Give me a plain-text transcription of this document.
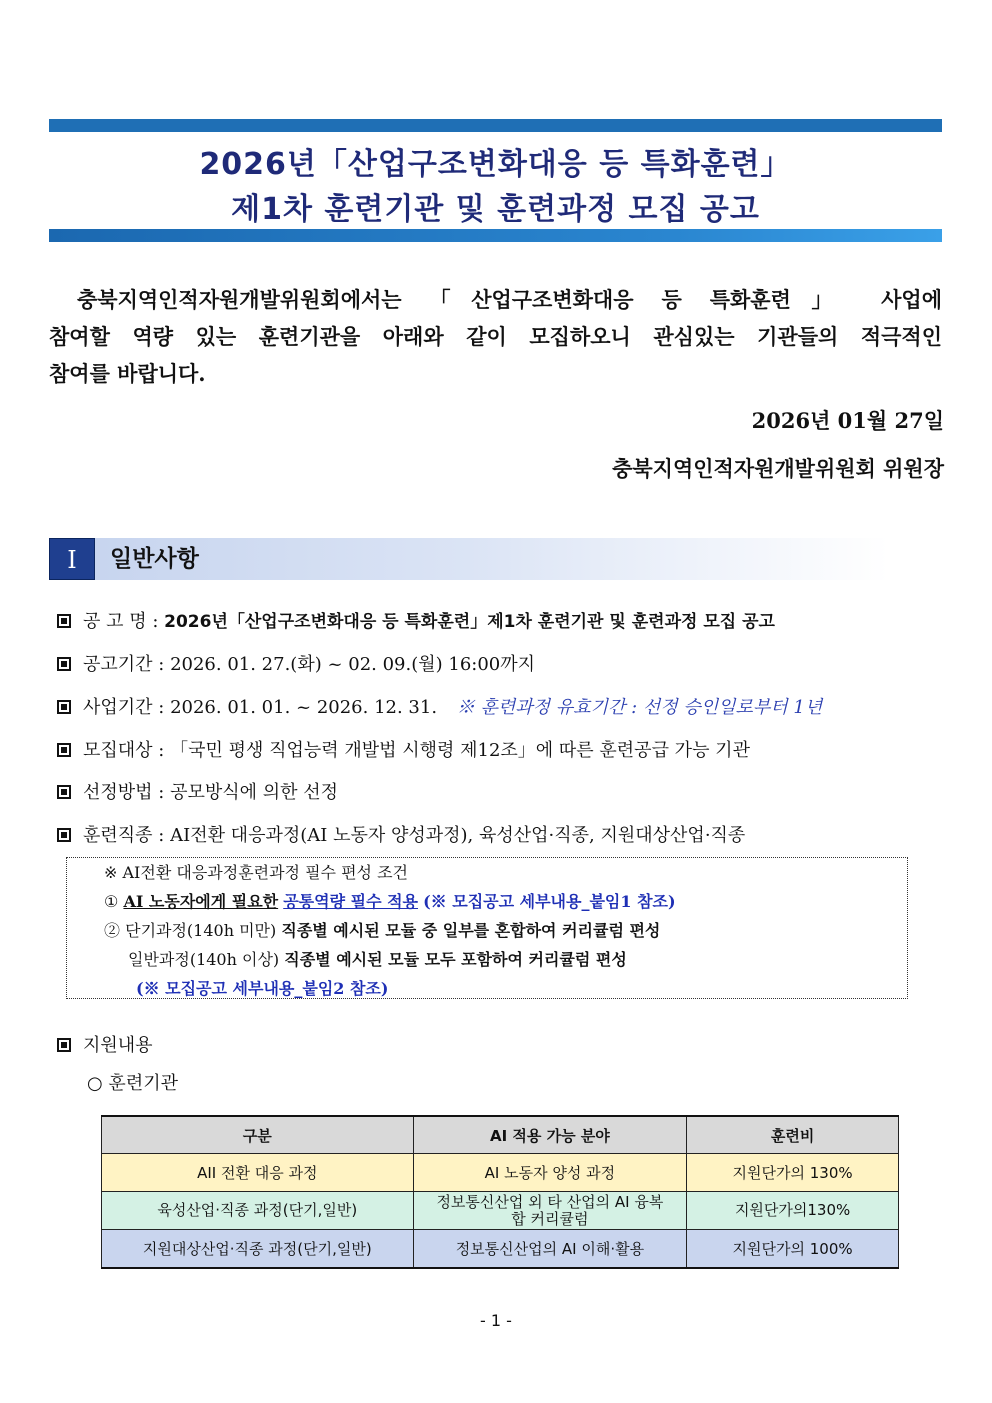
2026년「산업구조변화대응 등 특화훈련」
제1차 훈련기관 및 훈련과정 모집 공고
충북지역인적자원개발위원회에서는 「산업구조변화대응 등 특화훈련」 사업에
참여할 역량 있는 훈련기관을 아래와 같이 모집하오니 관심있는 기관들의 적극적인
참여를 바랍니다.
2026년 01월 27일
충북지역인적자원개발위원회 위원장
Ⅰ	일반사항
공 고 명 : 2026년「산업구조변화대응 등 특화훈련」제1차 훈련기관 및 훈련과정 모집 공고
공고기간 : 2026. 01. 27.(화) ~ 02. 09.(월) 16:00까지
사업기간 : 2026. 01. 01. ~ 2026. 12. 31. ※ 훈련과정 유효기간 : 선정 승인일로부터 1년
모집대상 : 「국민 평생 직업능력 개발법 시행령 제12조」에 따른 훈련공급 가능 기관
선정방법 : 공모방식에 의한 선정
훈련직종 : AI전환 대응과정(AI 노동자 양성과정), 육성산업·직종, 지원대상산업·직종
※ AI전환 대응과정훈련과정 필수 편성 조건
① AI 노동자에게 필요한 공통역량 필수 적용 (※ 모집공고 세부내용_붙임1 참조)
② 단기과정(140h 미만) 직종별 예시된 모듈 중 일부를 혼합하여 커리큘럼 편성
일반과정(140h 이상) 직종별 예시된 모듈 모두 포함하여 커리큘럼 편성
(※ 모집공고 세부내용_붙임2 참조)
지원내용
○ 훈련기관
구분	AI 적용 가능 분야	훈련비
AII 전환 대응 과정	AI 노동자 양성 과정	지원단가의 130%
육성산업·직종 과정(단기,일반)	정보통신산업 외 타 산업의 AI 융복합 커리큘럼	지원단가의130%
지원대상산업·직종 과정(단기,일반)	정보통신산업의 AI 이해·활용	지원단가의 100%
- 1 -
